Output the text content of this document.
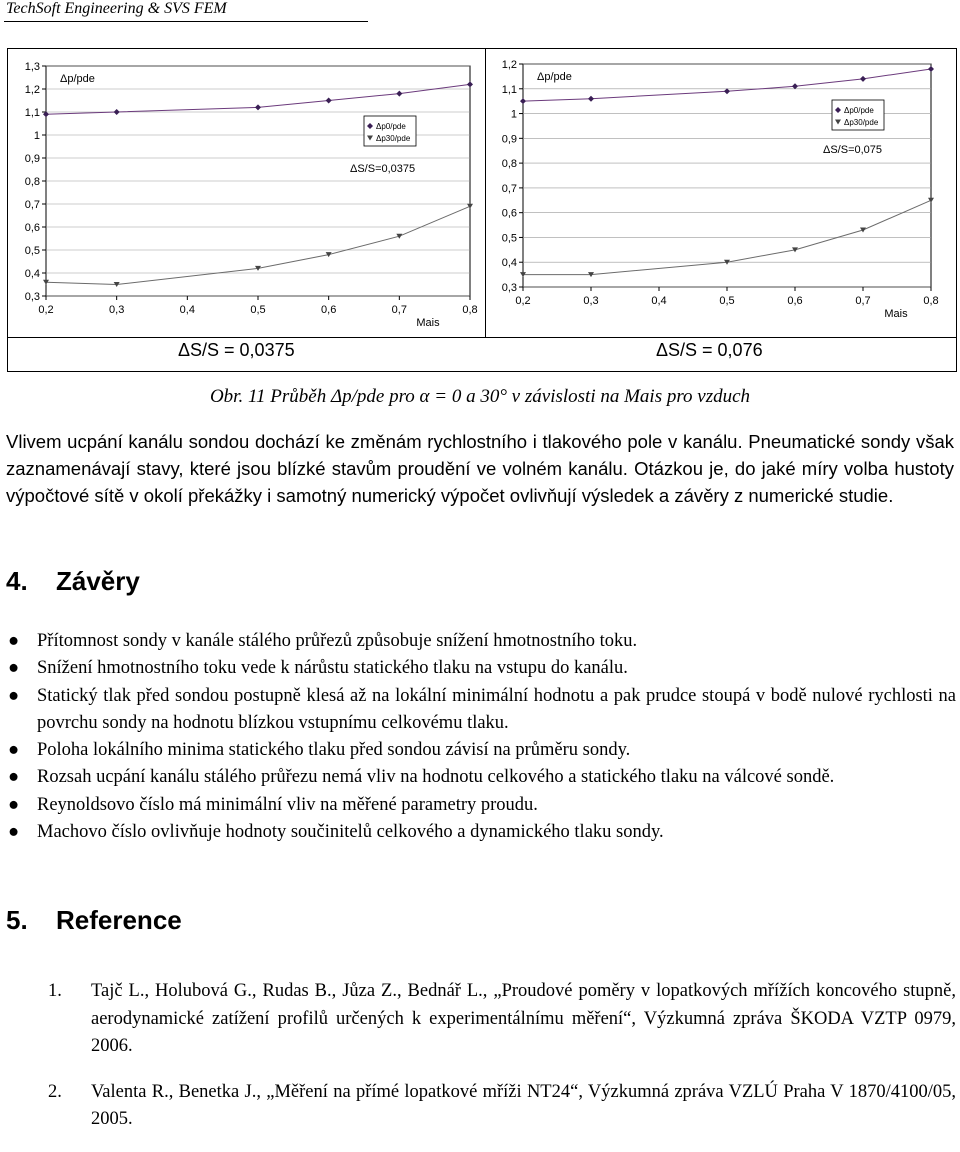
TechSoft Engineering & SVS FEM
0,3
0,4
0,5
0,6
0,7
0,8
0,9
1
1,1
1,2
1,3
0,2	0,3	0,4	0,5	0,6	0,7	0,8
Mais
Δp/pde
Δp0/pde
Δp30/pde
ΔS/S=0,0375
0,3
0,4
0,5
0,6
0,7
0,8
0,9
1
1,1
1,2
0,2	0,3	0,4	0,5	0,6	0,7	0,8
Mais
Δp/pde
Δp0/pde
Δp30/pde
ΔS/S=0,075
ΔS/S = 0,0375	ΔS/S = 0,076
Obr. 11 Průběh Δp/pde pro α = 0 a 30° v závislosti na Mais pro vzduch
Vlivem ucpání kanálu sondou dochází ke změnám rychlostního i tlakového pole v kanálu. Pneumatické sondy však zaznamenávají stavy, které jsou blízké stavům proudění ve volném kanálu. Otázkou je, do jaké míry volba hustoty výpočtové sítě v okolí překážky i samotný numerický výpočet ovlivňují výsledek a závěry z numerické studie.
4. Závěry
● Přítomnost sondy v kanále stálého průřezů způsobuje snížení hmotnostního toku.
● Snížení hmotnostního toku vede k nárůstu statického tlaku na vstupu do kanálu.
● Statický tlak před sondou postupně klesá až na lokální minimální hodnotu a pak prudce stoupá v bodě nulové rychlosti na povrchu sondy na hodnotu blízkou vstupnímu celkovému tlaku.
● Poloha lokálního minima statického tlaku před sondou závisí na průměru sondy.
● Rozsah ucpání kanálu stálého průřezu nemá vliv na hodnotu celkového a statického tlaku na válcové sondě.
● Reynoldsovo číslo má minimální vliv na měřené parametry proudu.
● Machovo číslo ovlivňuje hodnoty součinitelů celkového a dynamického tlaku sondy.
5. Reference
1. Tajč L., Holubová G., Rudas B., Jůza Z., Bednář L., „Proudové poměry v lopatkových mřížích koncového stupně, aerodynamické zatížení profilů určených k experimentálnímu měření“, Výzkumná zpráva ŠKODA VZTP 0979, 2006.
2. Valenta R., Benetka J., „Měření na přímé lopatkové mříži NT24“, Výzkumná zpráva VZLÚ Praha V 1870/4100/05, 2005.
